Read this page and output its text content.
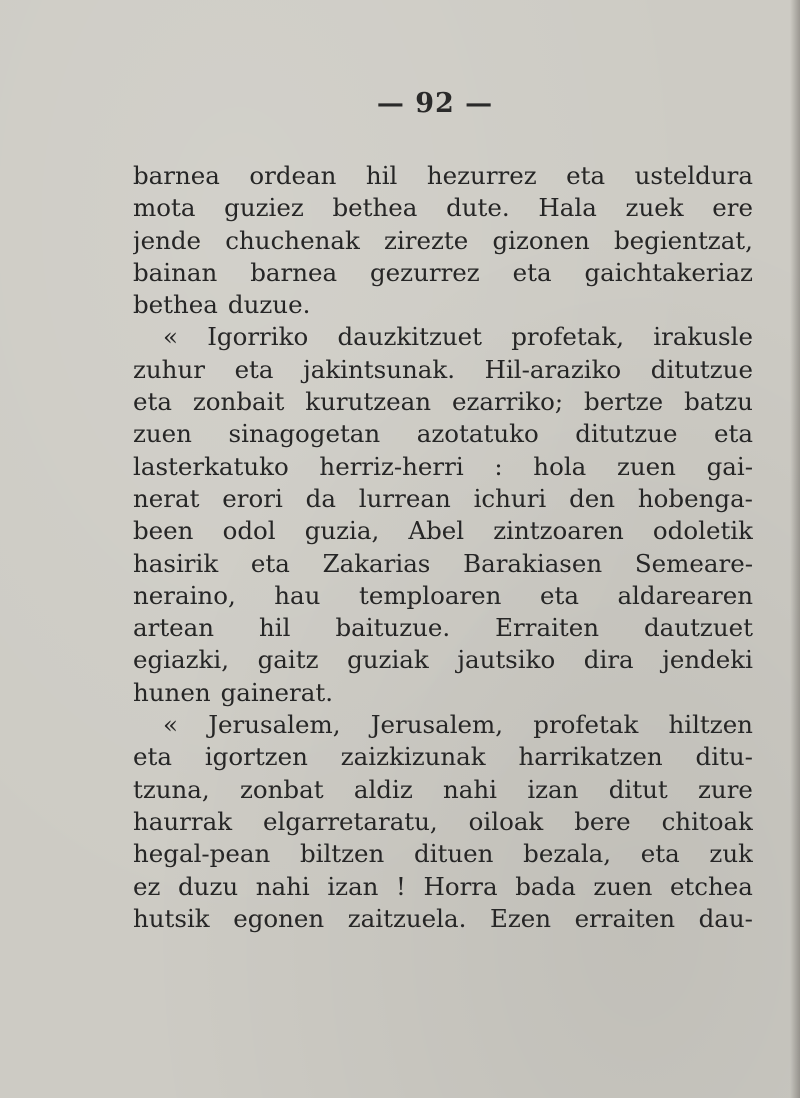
— 92 —
barnea ordean hil hezurrez eta usteldura
mota guziez bethea dute. Hala zuek ere
jende chuchenak zirezte gizonen begientzat,
bainan barnea gezurrez eta gaichtakeriaz
bethea duzue.
« Igorriko dauzkitzuet profetak, irakusle
zuhur eta jakintsunak. Hil-araziko ditutzue
eta zonbait kurutzean ezarriko; bertze batzu
zuen sinagogetan azotatuko ditutzue eta
lasterkatuko herriz-herri : hola zuen gai-
nerat erori da lurrean ichuri den hobenga-
been odol guzia, Abel zintzoaren odoletik
hasirik eta Zakarias Barakiasen Semeare-
neraino, hau temploaren eta aldarearen
artean hil baituzue. Erraiten dautzuet
egiazki, gaitz guziak jautsiko dira jendeki
hunen gainerat.
« Jerusalem, Jerusalem, profetak hiltzen
eta igortzen zaizkizunak harrikatzen ditu-
tzuna, zonbat aldiz nahi izan ditut zure
haurrak elgarretaratu, oiloak bere chitoak
hegal-pean biltzen dituen bezala, eta zuk
ez duzu nahi izan ! Horra bada zuen etchea
hutsik egonen zaitzuela. Ezen erraiten dau-
